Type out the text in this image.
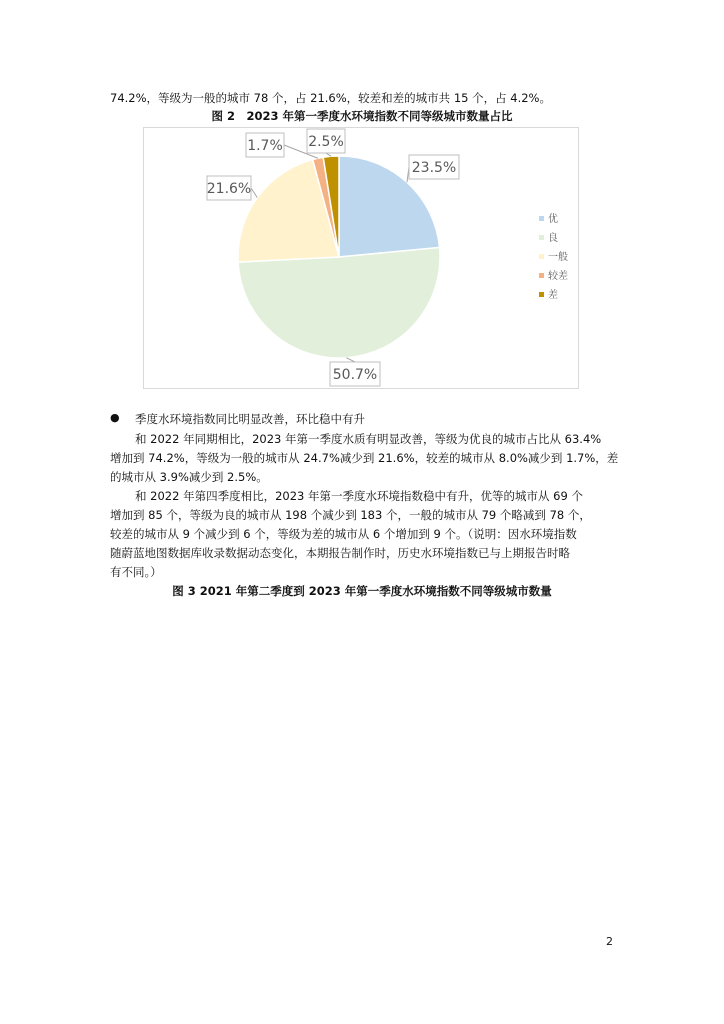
74.2%，等级为一般的城市 78 个，占 21.6%，较差和差的城市共 15 个，占 4.2%。
图 2　2023 年第一季度水环境指数不同等级城市数量占比
23.5%
50.7%
21.6%
1.7% 2.5%
优
良
一般
较差
差
● 季度水环境指数同比明显改善，环比稳中有升
和 2022 年同期相比，2023 年第一季度水质有明显改善，等级为优良的城市占比从 63.4%
增加到 74.2%，等级为一般的城市从 24.7%减少到 21.6%，较差的城市从 8.0%减少到 1.7%，差
的城市从 3.9%减少到 2.5%。
和 2022 年第四季度相比，2023 年第一季度水环境指数稳中有升，优等的城市从 69 个
增加到 85 个，等级为良的城市从 198 个减少到 183 个，一般的城市从 79 个略减到 78 个，
较差的城市从 9 个减少到 6 个，等级为差的城市从 6 个增加到 9 个。（说明：因水环境指数
随蔚蓝地图数据库收录数据动态变化，本期报告制作时，历史水环境指数已与上期报告时略
有不同。）
图 3 2021 年第二季度到 2023 年第一季度水环境指数不同等级城市数量
2
